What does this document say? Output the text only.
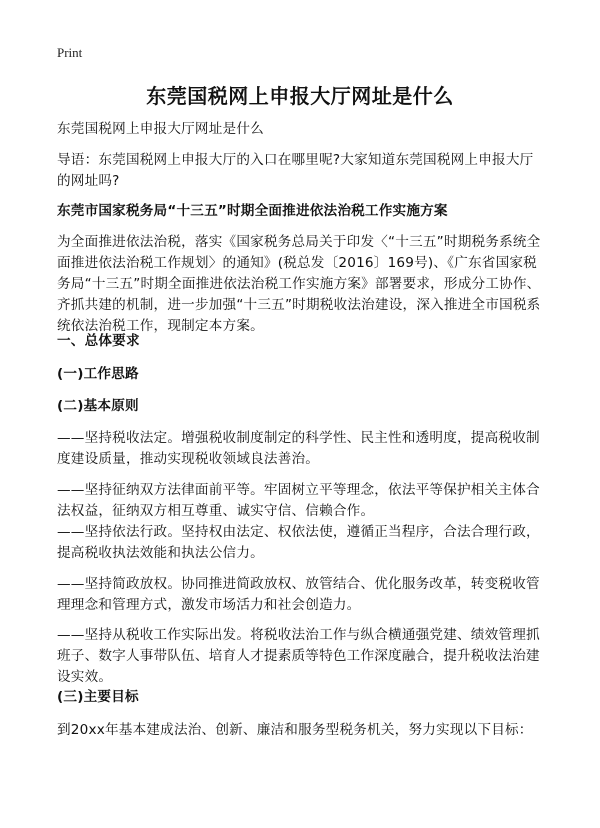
Print
东莞国税网上申报大厅网址是什么
东莞国税网上申报大厅网址是什么
导语：东莞国税网上申报大厅的入口在哪里呢?大家知道东莞国税网上申报大厅的网址吗?
东莞市国家税务局“十三五”时期全面推进依法治税工作实施方案
为全面推进依法治税，落实《国家税务总局关于印发〈“十三五”时期税务系统全面推进依法治税工作规划〉的通知》(税总发〔2016〕169号)、《广东省国家税务局“十三五”时期全面推进依法治税工作实施方案》部署要求，形成分工协作、齐抓共建的机制，进一步加强“十三五”时期税收法治建设，深入推进全市国税系统依法治税工作，现制定本方案。
一、总体要求
(一)工作思路
(二)基本原则
——坚持税收法定。增强税收制度制定的科学性、民主性和透明度，提高税收制度建设质量，推动实现税收领域良法善治。
——坚持征纳双方法律面前平等。牢固树立平等理念，依法平等保护相关主体合法权益，征纳双方相互尊重、诚实守信、信赖合作。
——坚持依法行政。坚持权由法定、权依法使，遵循正当程序，合法合理行政，提高税收执法效能和执法公信力。
——坚持简政放权。协同推进简政放权、放管结合、优化服务改革，转变税收管理理念和管理方式，激发市场活力和社会创造力。
——坚持从税收工作实际出发。将税收法治工作与纵合横通强党建、绩效管理抓班子、数字人事带队伍、培育人才提素质等特色工作深度融合，提升税收法治建设实效。
(三)主要目标
到20xx年基本建成法治、创新、廉洁和服务型税务机关，努力实现以下目标：
